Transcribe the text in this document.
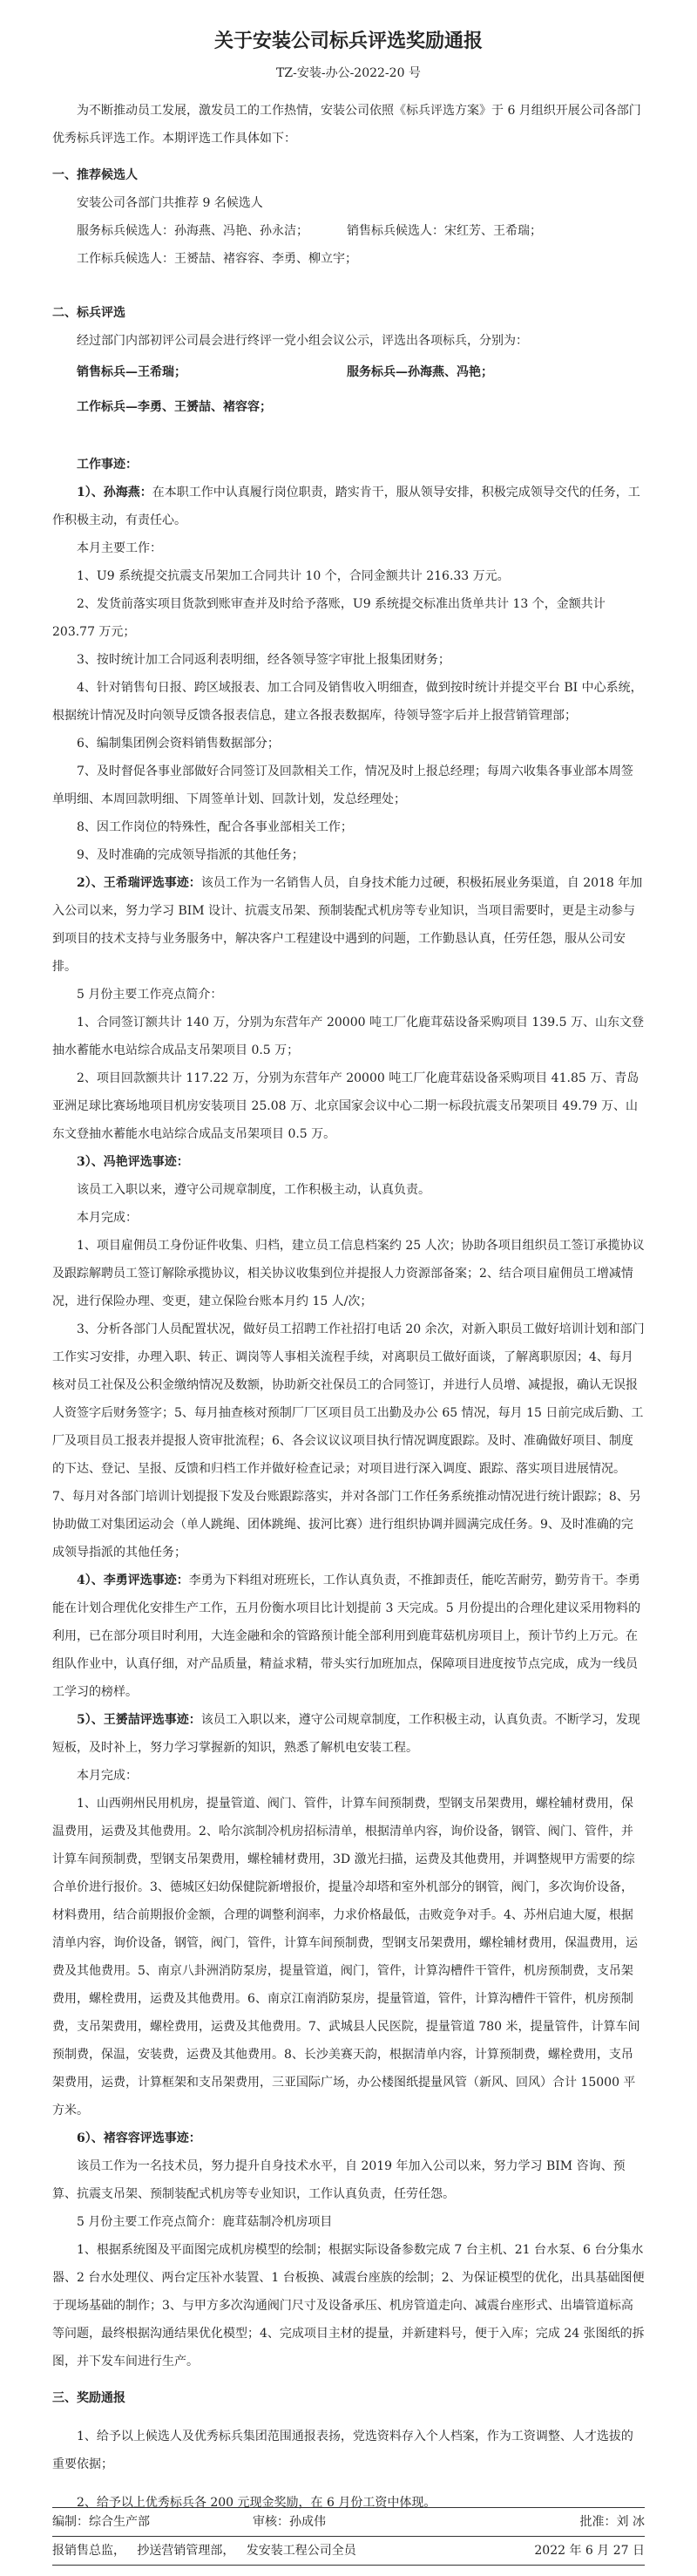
关于安装公司标兵评选奖励通报
TZ-安装-办公-2022-20 号

为不断推动员工发展，激发员工的工作热情，安装公司依照《标兵评选方案》于 6 月组织开展公司各部门优秀标兵评选工作。本期评选工作具体如下：

一、推荐候选人

安装公司各部门共推荐 9 名候选人

服务标兵候选人：孙海燕、冯艳、孙永洁；	销售标兵候选人：宋红芳、王希瑞；

工作标兵候选人：王赟喆、褚容容、李勇、柳立宇；

二、标兵评选

经过部门内部初评公司晨会进行终评一党小组会议公示，评选出各项标兵，分别为：

销售标兵—王希瑞；	服务标兵—孙海燕、冯艳；
工作标兵—李勇、王赟喆、褚容容；

工作事迹：

1）、孙海燕：在本职工作中认真履行岗位职责，踏实肯干，服从领导安排，积极完成领导交代的任务，工作积极主动，有责任心。

本月主要工作：

1、U9 系统提交抗震支吊架加工合同共计 10 个，合同金额共计 216.33 万元。

2、发货前落实项目货款到账审查并及时给予落账，U9 系统提交标准出货单共计 13 个，金额共计 203.77 万元；

3、按时统计加工合同返利表明细，经各领导签字审批上报集团财务；

4、针对销售旬日报、跨区域报表、加工合同及销售收入明细查，做到按时统计并提交平台 BI 中心系统，根据统计情况及时向领导反馈各报表信息，建立各报表数据库，待领导签字后并上报营销管理部；

6、编制集团例会资料销售数据部分；

7、及时督促各事业部做好合同签订及回款相关工作，情况及时上报总经理；每周六收集各事业部本周签单明细、本周回款明细、下周签单计划、回款计划，发总经理处；

8、因工作岗位的特殊性，配合各事业部相关工作；

9、及时准确的完成领导指派的其他任务；

2）、王希瑞评选事迹：该员工作为一名销售人员，自身技术能力过硬，积极拓展业务渠道，自 2018 年加入公司以来，努力学习 BIM 设计、抗震支吊架、预制装配式机房等专业知识，当项目需要时，更是主动参与到项目的技术支持与业务服务中，解决客户工程建设中遇到的问题，工作勤恳认真，任劳任怨，服从公司安排。

5 月份主要工作亮点简介：

1、合同签订额共计 140 万，分别为东营年产 20000 吨工厂化鹿茸菇设备采购项目 139.5 万、山东文登抽水蓄能水电站综合成品支吊架项目 0.5 万；

2、项目回款额共计 117.22 万，分别为东营年产 20000 吨工厂化鹿茸菇设备采购项目 41.85 万、青岛亚洲足球比赛场地项目机房安装项目 25.08 万、北京国家会议中心二期一标段抗震支吊架项目 49.79 万、山东文登抽水蓄能水电站综合成品支吊架项目 0.5 万。

3）、冯艳评选事迹：

该员工入职以来，遵守公司规章制度，工作积极主动，认真负责。

本月完成：

1、项目雇佣员工身份证件收集、归档，建立员工信息档案约 25 人次；协助各项目组织员工签订承揽协议及跟踪解聘员工签订解除承揽协议，相关协议收集到位并提报人力资源部备案；2、结合项目雇佣员工增减情况，进行保险办理、变更，建立保险台账本月约 15 人/次；

3、分析各部门人员配置状况，做好员工招聘工作社招打电话 20 余次，对新入职员工做好培训计划和部门工作实习安排，办理入职、转正、调岗等人事相关流程手续，对离职员工做好面谈，了解离职原因；4、每月核对员工社保及公积金缴纳情况及数额，协助新交社保员工的合同签订，并进行人员增、减提报，确认无误报人资签字后财务签字；5、每月抽查核对预制厂厂区项目员工出勤及办公 65 情况，每月 15 日前完成后勤、工厂及项目员工报表并提报人资审批流程；6、各会议议议项目执行情况调度跟踪。及时、准确做好项目、制度的下达、登记、呈报、反馈和归档工作并做好检查记录；对项目进行深入调度、跟踪、落实项目进展情况。7、每月对各部门培训计划提报下发及台账跟踪落实，并对各部门工作任务系统推动情况进行统计跟踪；8、另协助做工对集团运动会（单人跳绳、团体跳绳、拔河比赛）进行组织协调并圆满完成任务。9、及时准确的完成领导指派的其他任务；

4）、李勇评选事迹：李勇为下料组对班班长，工作认真负责，不推卸责任，能吃苦耐劳，勤劳肯干。李勇能在计划合理优化安排生产工作，五月份衡水项目比计划提前 3 天完成。5 月份提出的合理化建议采用物料的利用，已在部分项目时利用，大连金融和余的管路预计能全部利用到鹿茸菇机房项目上，预计节约上万元。在组队作业中，认真仔细，对产品质量，精益求精，带头实行加班加点，保障项目进度按节点完成，成为一线员工学习的榜样。

5）、王赟喆评选事迹：该员工入职以来，遵守公司规章制度，工作积极主动，认真负责。不断学习，发现短板，及时补上，努力学习掌握新的知识，熟悉了解机电安装工程。

本月完成：

1、山西朔州民用机房，提量管道、阀门、管件，计算车间预制费，型钢支吊架费用，螺栓辅材费用，保温费用，运费及其他费用。2、哈尔滨制冷机房招标清单，根据清单内容，询价设备，钢管、阀门、管件，并计算车间预制费，型钢支吊架费用，螺栓辅材费用，3D 激光扫描，运费及其他费用，并调整规甲方需要的综合单价进行报价。3、德城区妇幼保健院新增报价，提量冷却塔和室外机部分的钢管，阀门，多次询价设备，材料费用，结合前期报价金额，合理的调整利润率，力求价格最低，击败竞争对手。4、苏州启迪大厦，根据清单内容，询价设备，钢管，阀门，管件，计算车间预制费，型钢支吊架费用，螺栓辅材费用，保温费用，运费及其他费用。5、南京八卦洲消防泵房，提量管道，阀门，管件，计算沟槽件干管件，机房预制费，支吊架费用，螺栓费用，运费及其他费用。6、南京江南消防泵房，提量管道，管件，计算沟槽件干管件，机房预制费，支吊架费用，螺栓费用，运费及其他费用。7、武城县人民医院，提量管道 780 米，提量管件，计算车间预制费，保温，安装费，运费及其他费用。8、长沙美赛天韵，根据清单内容，计算预制费，螺栓费用，支吊架费用，运费，计算框架和支吊架费用，三亚国际广场，办公楼图纸提量风管（新风、回风）合计 15000 平方米。

6）、褚容容评选事迹：

该员工作为一名技术员，努力提升自身技术水平，自 2019 年加入公司以来，努力学习 BIM 咨询、预算、抗震支吊架、预制装配式机房等专业知识，工作认真负责，任劳任怨。

5 月份主要工作亮点简介：鹿茸菇制冷机房项目

1、根据系统图及平面图完成机房模型的绘制；根据实际设备参数完成 7 台主机、21 台水泵、6 台分集水器、2 台水处理仪、两台定压补水装置、1 台板换、减震台座族的绘制；2、为保证模型的优化，出具基础图便于现场基础的制作；3、与甲方多次沟通阀门尺寸及设备承压、机房管道走向、减震台座形式、出墙管道标高等问题，最终根据沟通结果优化模型；4、完成项目主材的提量，并新建料号，便于入库；完成 24 张图纸的拆图，并下发车间进行生产。

三、奖励通报

1、给予以上候选人及优秀标兵集团范围通报表扬，党选资料存入个人档案，作为工资调整、人才选拔的重要依据；

2、给予以上优秀标兵各 200 元现金奖励，在 6 月份工资中体现。

编制：综合生产部	审核：孙成伟	批准：刘 冰
报销售总监， 抄送营销管理部， 发安装工程公司全员	2022 年 6 月 27 日
